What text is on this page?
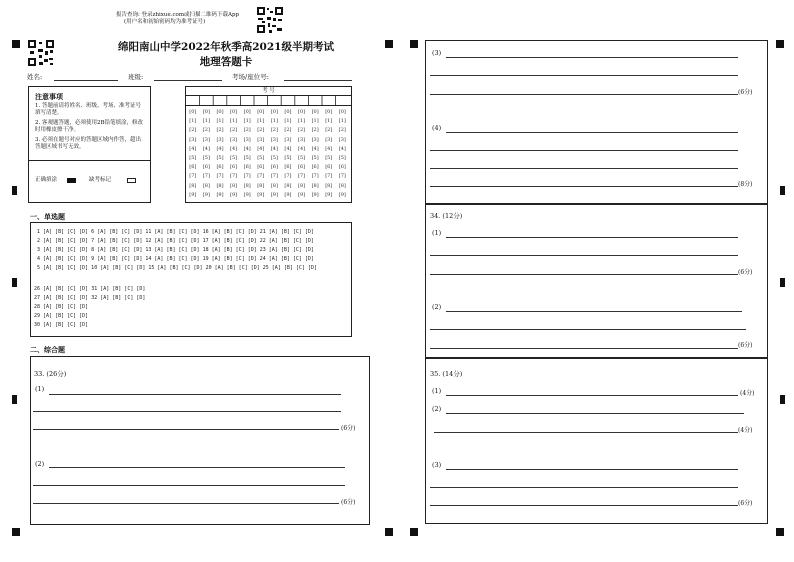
报告查询: 登录zhixue.com或扫描二维码下载App
(用户名和初始密码均为准考证号)
绵阳南山中学2022年秋季高2021级半期考试
地理答题卡
姓名:	班级:	考场/座位号:
注意事项
1. 答题前请将姓名、班级、考场、准考证号填写清楚。
2. 客观题答题，必须使用2B铅笔填涂，修改时用橡皮擦干净。
3. 必须在题号对应的答题区域内作答，超出答题区域书写无效。
正确填涂	缺考标记
考 号
[0]	[0]	[0]	[0]	[0]	[0]	[0]	[0]	[0]	[0]	[0]	[0]
[1]	[1]	[1]	[1]	[1]	[1]	[1]	[1]	[1]	[1]	[1]	[1]
[2]	[2]	[2]	[2]	[2]	[2]	[2]	[2]	[2]	[2]	[2]	[2]
[3]	[3]	[3]	[3]	[3]	[3]	[3]	[3]	[3]	[3]	[3]	[3]
[4]	[4]	[4]	[4]	[4]	[4]	[4]	[4]	[4]	[4]	[4]	[4]
[5]	[5]	[5]	[5]	[5]	[5]	[5]	[5]	[5]	[5]	[5]	[5]
[6]	[6]	[6]	[6]	[6]	[6]	[6]	[6]	[6]	[6]	[6]	[6]
[7]	[7]	[7]	[7]	[7]	[7]	[7]	[7]	[7]	[7]	[7]	[7]
[8]	[8]	[8]	[8]	[8]	[8]	[8]	[8]	[8]	[8]	[8]	[8]
[9]	[9]	[9]	[9]	[9]	[9]	[9]	[9]	[9]	[9]	[9]	[9]
一、单选题
1 [A] [B] [C] [D] 6 [A] [B] [C] [D] 11 [A] [B] [C] [D] 16 [A] [B] [C] [D] 21 [A] [B] [C] [D]
2 [A] [B] [C] [D] 7 [A] [B] [C] [D] 12 [A] [B] [C] [D] 17 [A] [B] [C] [D] 22 [A] [B] [C] [D]
3 [A] [B] [C] [D] 8 [A] [B] [C] [D] 13 [A] [B] [C] [D] 18 [A] [B] [C] [D] 23 [A] [B] [C] [D]
4 [A] [B] [C] [D] 9 [A] [B] [C] [D] 14 [A] [B] [C] [D] 19 [A] [B] [C] [D] 24 [A] [B] [C] [D]
5 [A] [B] [C] [D] 10 [A] [B] [C] [D] 15 [A] [B] [C] [D] 20 [A] [B] [C] [D] 25 [A] [B] [C] [D]
26 [A] [B] [C] [D] 31 [A] [B] [C] [D]
27 [A] [B] [C] [D] 32 [A] [B] [C] [D]
28 [A] [B] [C] [D]
29 [A] [B] [C] [D]
30 [A] [B] [C] [D]
二、综合题
33. (26分)
(1)
(6分)
(2)
(6分)
(3)
(6分)
(4)
(8分)
34. (12分)
(1)
(6分)
(2)
(6分)
35. (14分)
(1)	(4分)
(2)
(4分)
(3)
(6分)
